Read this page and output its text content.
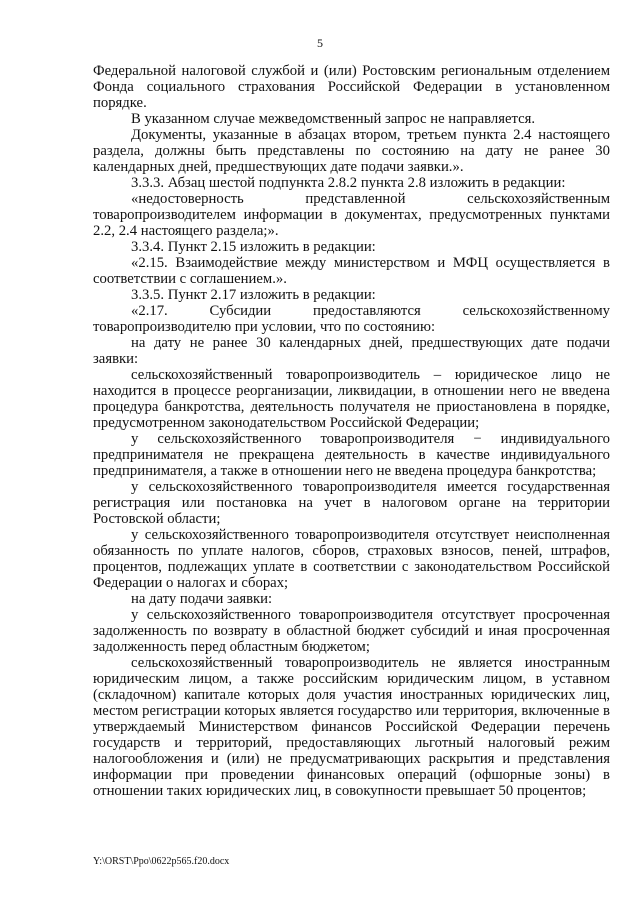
5

Федеральной налоговой службой и (или) Ростовским региональным отделением Фонда социального страхования Российской Федерации в установленном порядке.

В указанном случае межведомственный запрос не направляется.

Документы, указанные в абзацах втором, третьем пункта 2.4 настоящего раздела, должны быть представлены по состоянию на дату не ранее 30 календарных дней, предшествующих дате подачи заявки.».

3.3.3. Абзац шестой подпункта 2.8.2 пункта 2.8 изложить в редакции:

«недостоверность представленной сельскохозяйственным товаропроизводителем информации в документах, предусмотренных пунктами 2.2, 2.4 настоящего раздела;».

3.3.4. Пункт 2.15 изложить в редакции:

«2.15. Взаимодействие между министерством и МФЦ осуществляется в соответствии с соглашением.».

3.3.5. Пункт 2.17 изложить в редакции:

«2.17. Субсидии предоставляются сельскохозяйственному товаропроизводителю при условии, что по состоянию:

на дату не ранее 30 календарных дней, предшествующих дате подачи заявки:

сельскохозяйственный товаропроизводитель – юридическое лицо не находится в процессе реорганизации, ликвидации, в отношении него не введена процедура банкротства, деятельность получателя не приостановлена в порядке, предусмотренном законодательством Российской Федерации;

у сельскохозяйственного товаропроизводителя − индивидуального предпринимателя не прекращена деятельность в качестве индивидуального предпринимателя, а также в отношении него не введена процедура банкротства;

у сельскохозяйственного товаропроизводителя имеется государственная регистрация или постановка на учет в налоговом органе на территории Ростовской области;

у сельскохозяйственного товаропроизводителя отсутствует неисполненная обязанность по уплате налогов, сборов, страховых взносов, пеней, штрафов, процентов, подлежащих уплате в соответствии с законодательством Российской Федерации о налогах и сборах;

на дату подачи заявки:

у сельскохозяйственного товаропроизводителя отсутствует просроченная задолженность по возврату в областной бюджет субсидий и иная просроченная задолженность перед областным бюджетом;

сельскохозяйственный товаропроизводитель не является иностранным юридическим лицом, а также российским юридическим лицом, в уставном (складочном) капитале которых доля участия иностранных юридических лиц, местом регистрации которых является государство или территория, включенные в утверждаемый Министерством финансов Российской Федерации перечень государств и территорий, предоставляющих льготный налоговый режим налогообложения и (или) не предусматривающих раскрытия и представления информации при проведении финансовых операций (офшорные зоны) в отношении таких юридических лиц, в совокупности превышает 50 процентов;

Y:\ORST\Ppo\0622p565.f20.docx
